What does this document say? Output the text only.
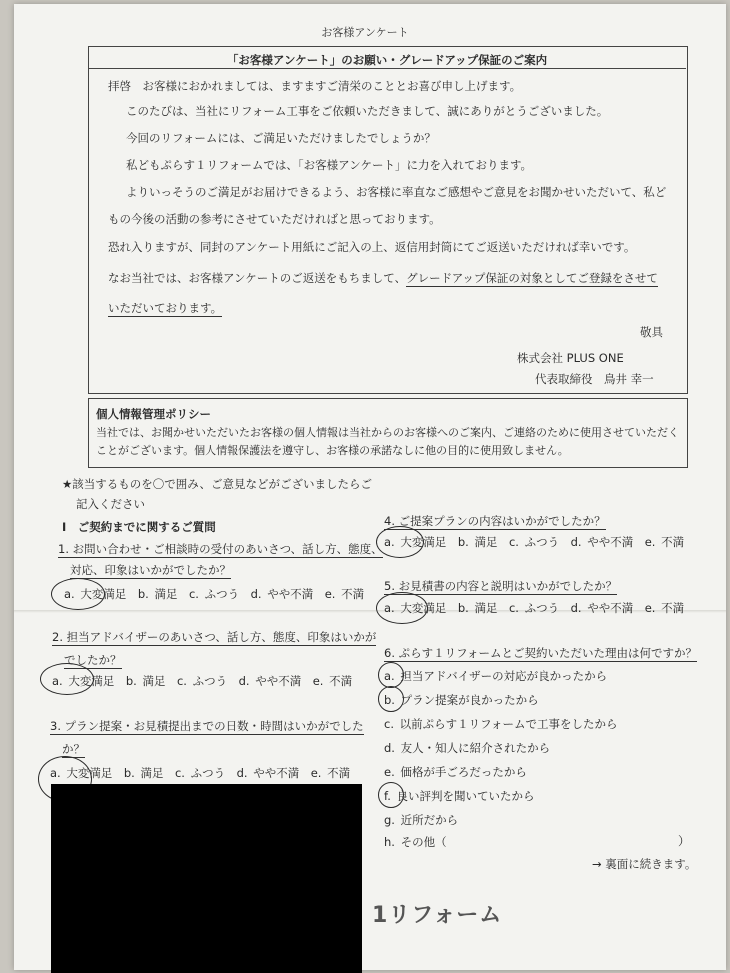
お客様アンケート
「お客様アンケート」のお願い・グレードアップ保証のご案内
拝啓　お客様におかれましては、ますますご清栄のこととお喜び申し上げます。
このたびは、当社にリフォーム工事をご依頼いただきまして、誠にありがとうございました。
今回のリフォームには、ご満足いただけましたでしょうか？
私どもぷらす１リフォームでは、「お客様アンケート」に力を入れております。
よりいっそうのご満足がお届けできるよう、お客様に率直なご感想やご意見をお聞かせいただいて、私ど
もの今後の活動の参考にさせていただければと思っております。
恐れ入りますが、同封のアンケート用紙にご記入の上、返信用封筒にてご返送いただければ幸いです。
なお当社では、お客様アンケートのご返送をもちまして、グレードアップ保証の対象としてご登録をさせて
いただいております。
敬具
株式会社 PLUS ONE
代表取締役　鳥井 幸一
個人情報管理ポリシー
当社では、お聞かせいただいたお客様の個人情報は当社からのお客様へのご案内、ご連絡のために使用させていただく
ことがございます。個人情報保護法を遵守し、お客様の承諾なしに他の目的に使用致しません。
★該当するものを〇で囲み、ご意見などがございましたらご
記入ください
Ⅰ　ご契約までに関するご質問
1. お問い合わせ・ご相談時の受付のあいさつ、話し方、態度、
対応、印象はいかがでしたか？
a. 大変満足　b. 満足　c. ふつう　d. やや不満　e. 不満
2. 担当アドバイザーのあいさつ、話し方、態度、印象はいかが
でしたか？
a. 大変満足　b. 満足　c. ふつう　d. やや不満　e. 不満
3. プラン提案・お見積提出までの日数・時間はいかがでした
か？
a. 大変満足　b. 満足　c. ふつう　d. やや不満　e. 不満
4. ご提案プランの内容はいかがでしたか？
a. 大変満足　b. 満足　c. ふつう　d. やや不満　e. 不満
5. お見積書の内容と説明はいかがでしたか？
a. 大変満足　b. 満足　c. ふつう　d. やや不満　e. 不満
6. ぷらす１リフォームとご契約いただいた理由は何ですか？
a. 担当アドバイザーの対応が良かったから
b. プラン提案が良かったから
c. 以前ぷらす１リフォームで工事をしたから
d. 友人・知人に紹介されたから
e. 価格が手ごろだったから
f. 良い評判を聞いていたから
g. 近所だから
h. その他（	）
→ 裏面に続きます。
1リフォーム
